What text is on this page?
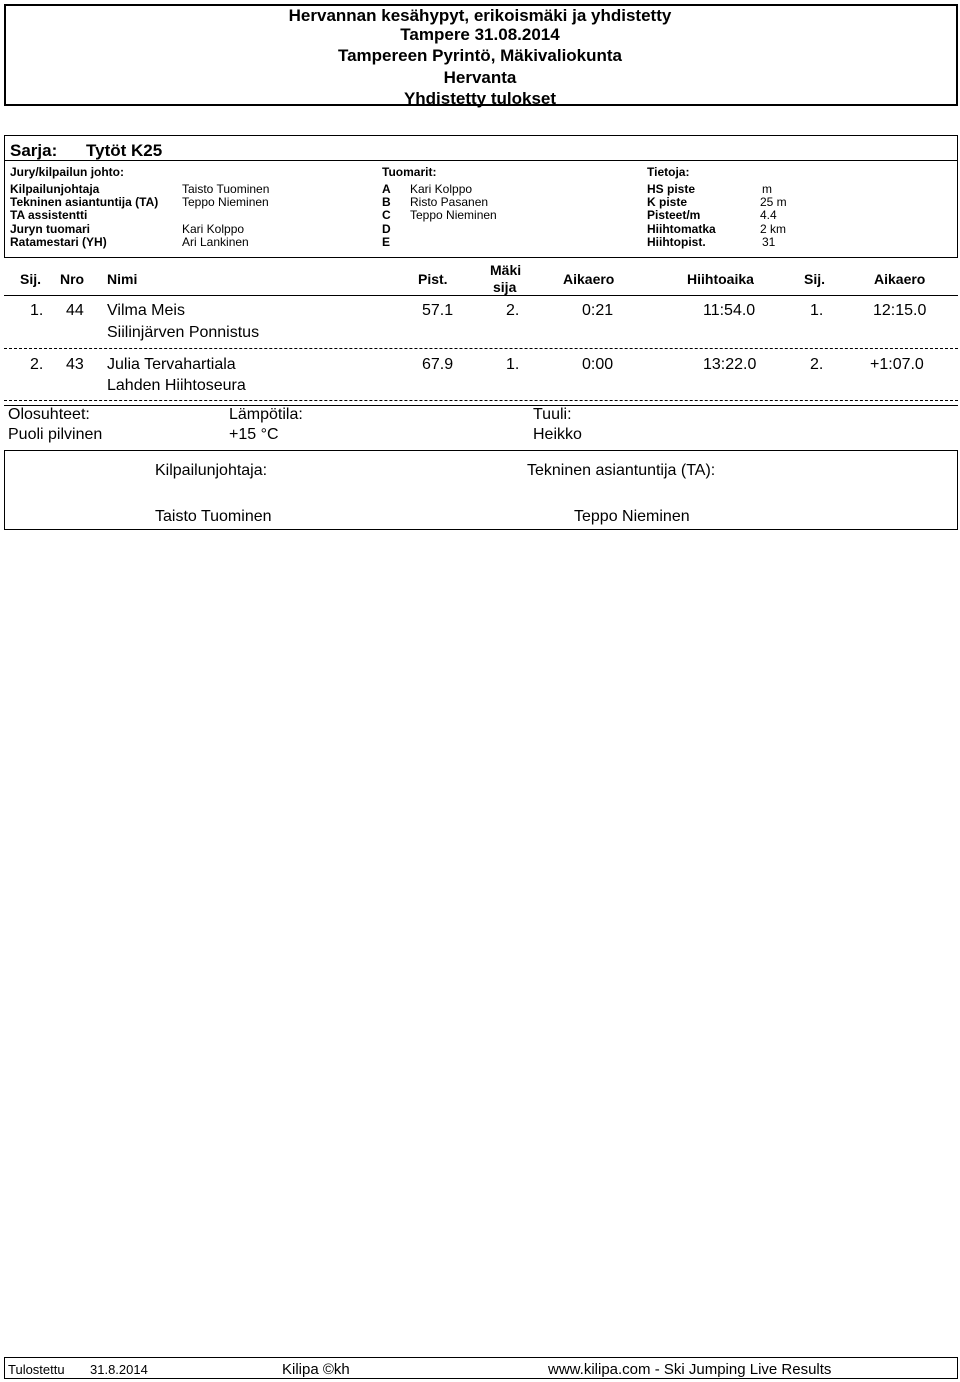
Hervannan kesähypyt, erikoismäki ja yhdistetty
Tampere 31.08.2014
Tampereen Pyrintö, Mäkivaliokunta
Hervanta
Yhdistetty tulokset
Sarja: Tytöt K25
Jury/kilpailun johto:
Kilpailunjohtaja	Taisto Tuominen
Tekninen asiantuntija (TA) Teppo Nieminen
TA assistentti
Juryn tuomari	Kari Kolppo
Ratamestari (YH)	Ari Lankinen
Tuomarit:
A Kari Kolppo
B Risto Pasanen
C Teppo Nieminen
D
E
Tietoja:
HS piste	m
K piste	25 m
Pisteet/m	4.4
Hiihtomatka	2 km
Hiihtopist.	31
Sij. Nro Nimi	Pist.
Mäki
sija	Aikaero	Hiihtoaika	Sij.	Aikaero
1. 44 Vilma Meis
Siilinjärven Ponnistus
57.1	2.	0:21	11:54.0	1.	12:15.0
2. 43 Julia Tervahartiala
Lahden Hiihtoseura
67.9	1.	0:00	13:22.0	2.	+1:07.0
Olosuhteet:
Puoli pilvinen
Lämpötila:
+15 °C
Tuuli:
Heikko
Kilpailunjohtaja:
Taisto Tuominen
Tekninen asiantuntija (TA):
Teppo Nieminen
Tulostettu 31.8.2014	Kilipa ©kh	www.kilipa.com - Ski Jumping Live Results
